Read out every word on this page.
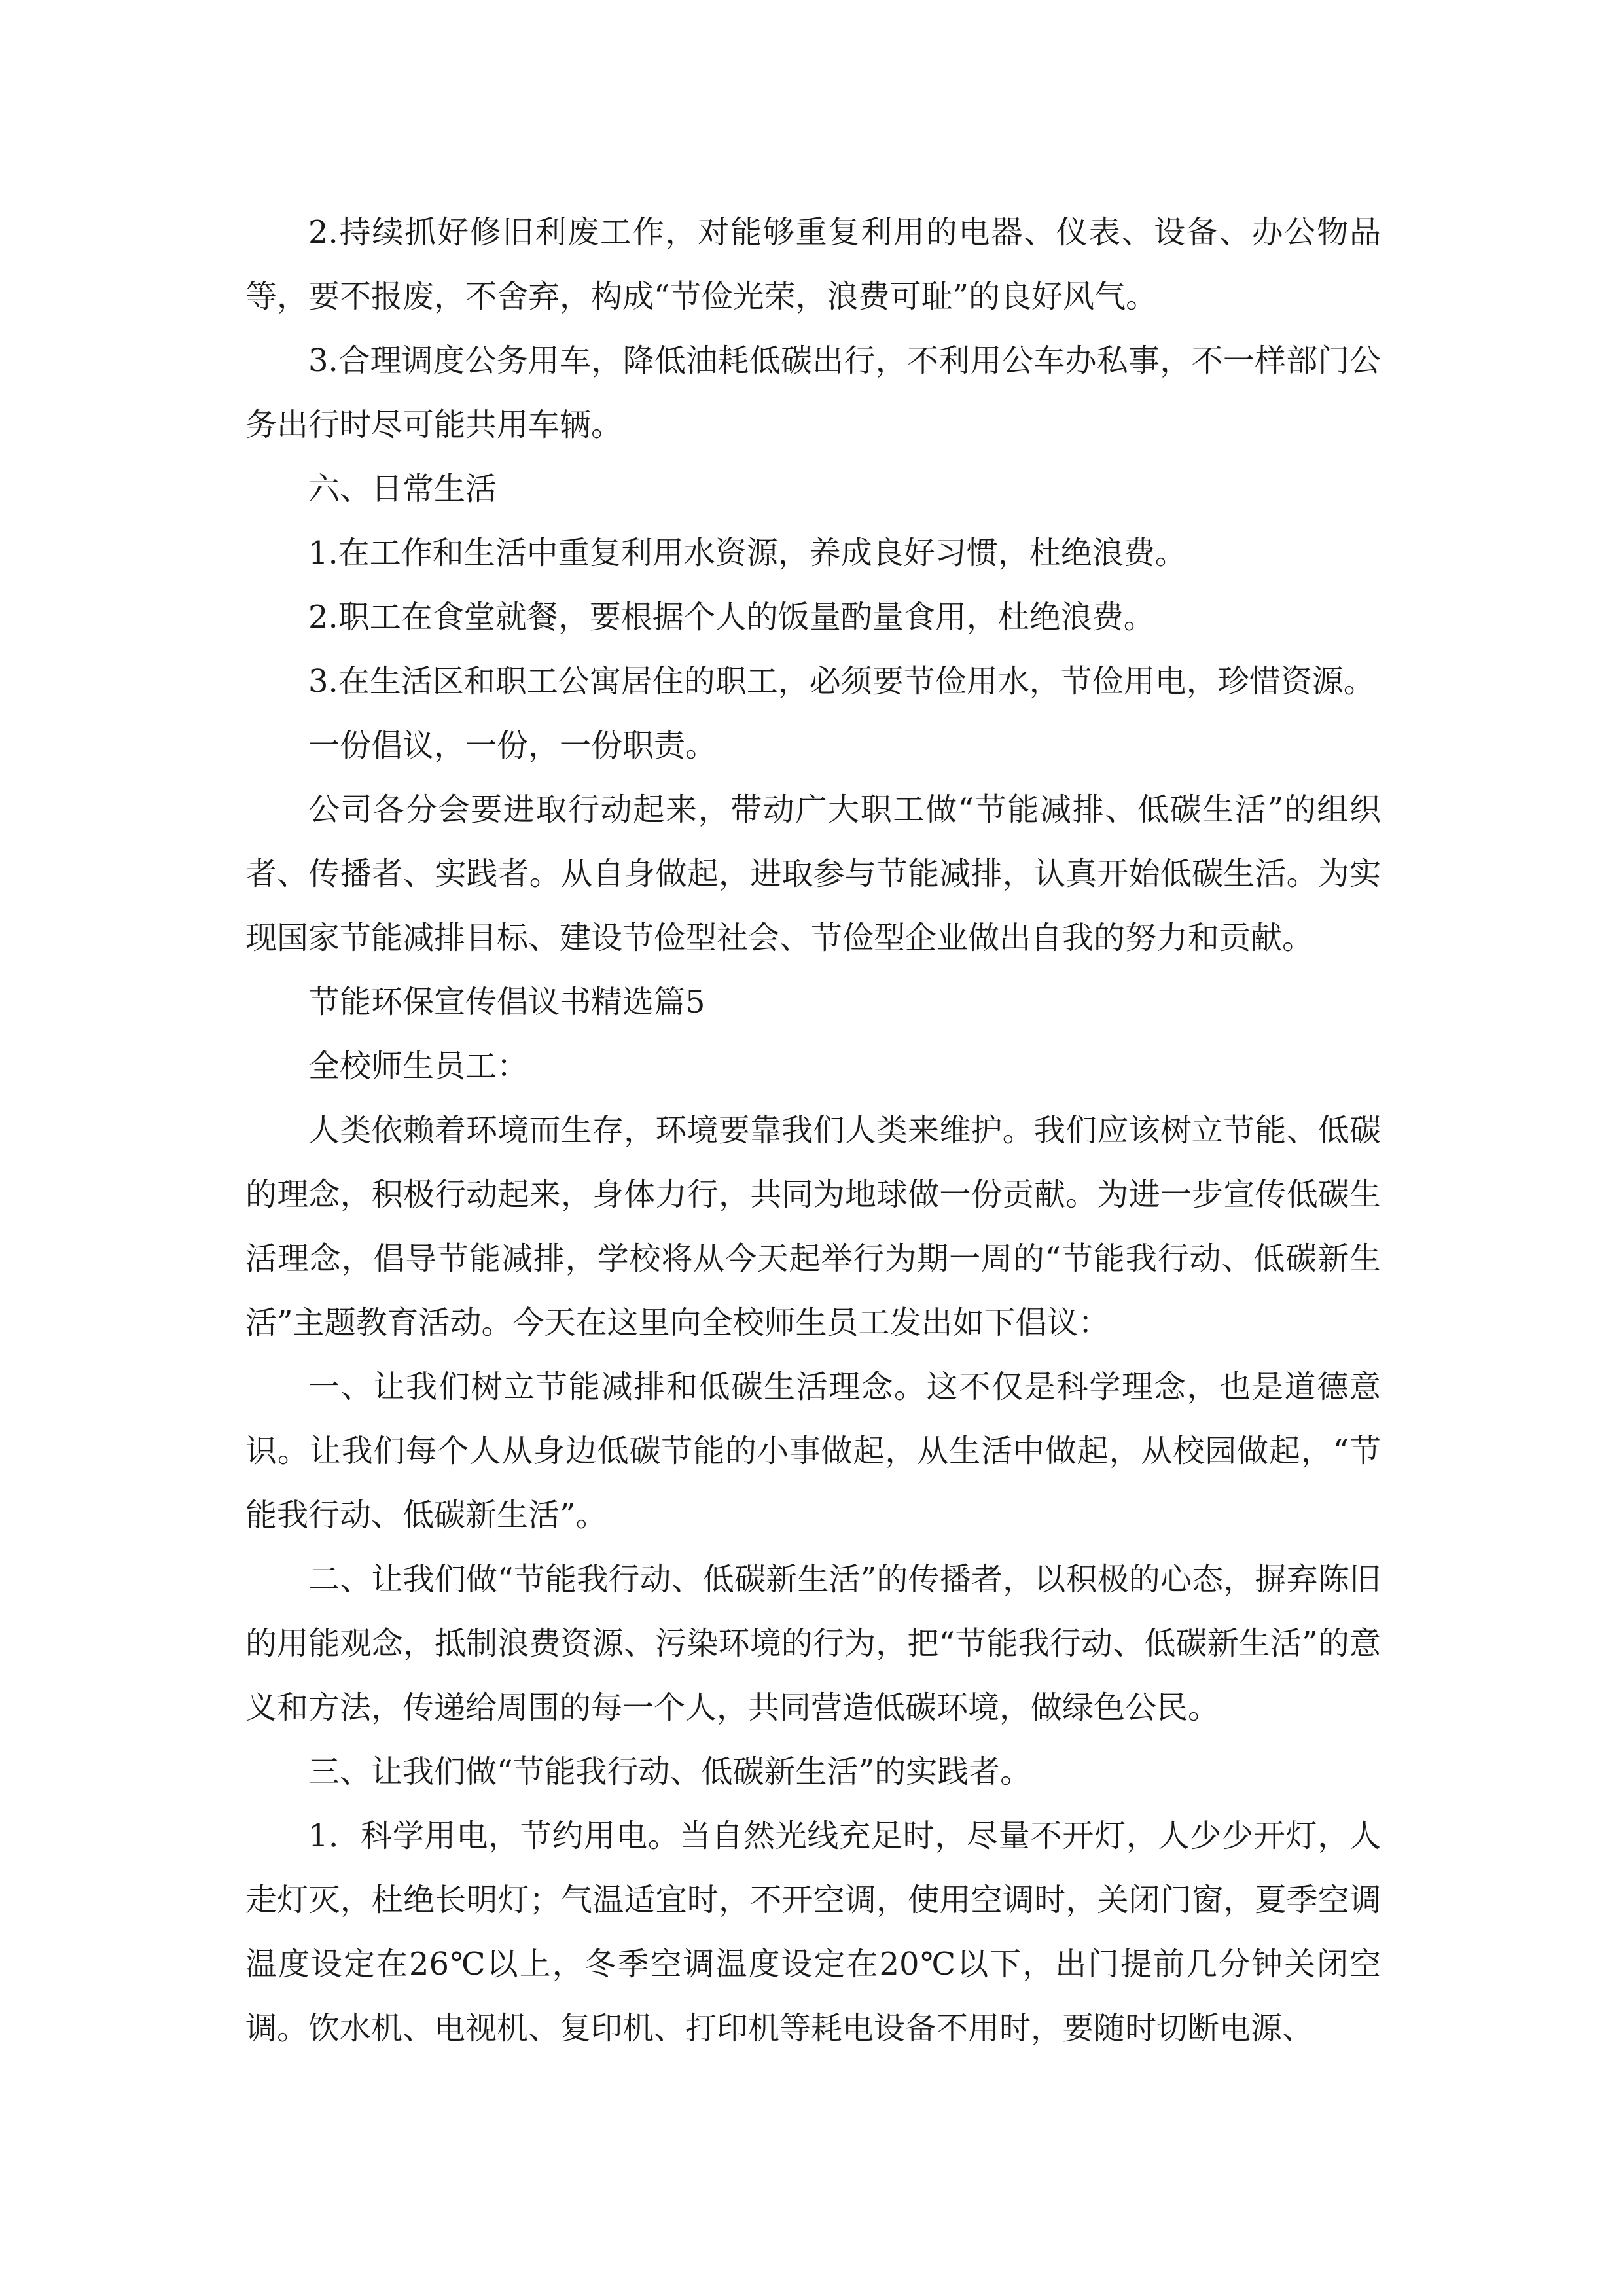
2.持续抓好修旧利废工作，对能够重复利用的电器、仪表、设备、办公物品等，要不报废，不舍弃，构成“节俭光荣，浪费可耻”的良好风气。

3.合理调度公务用车，降低油耗低碳出行，不利用公车办私事，不一样部门公务出行时尽可能共用车辆。

六、日常生活

1.在工作和生活中重复利用水资源，养成良好习惯，杜绝浪费。

2.职工在食堂就餐，要根据个人的饭量酌量食用，杜绝浪费。

3.在生活区和职工公寓居住的职工，必须要节俭用水，节俭用电，珍惜资源。

一份倡议，一份，一份职责。

公司各分会要进取行动起来，带动广大职工做“节能减排、低碳生活”的组织者、传播者、实践者。从自身做起，进取参与节能减排，认真开始低碳生活。为实现国家节能减排目标、建设节俭型社会、节俭型企业做出自我的努力和贡献。

节能环保宣传倡议书精选篇5

全校师生员工：

人类依赖着环境而生存，环境要靠我们人类来维护。我们应该树立节能、低碳的理念，积极行动起来，身体力行，共同为地球做一份贡献。为进一步宣传低碳生活理念，倡导节能减排，学校将从今天起举行为期一周的“节能我行动、低碳新生活”主题教育活动。今天在这里向全校师生员工发出如下倡议：

一、让我们树立节能减排和低碳生活理念。这不仅是科学理念，也是道德意识。让我们每个人从身边低碳节能的小事做起，从生活中做起，从校园做起，“节能我行动、低碳新生活”。

二、让我们做“节能我行动、低碳新生活”的传播者，以积极的心态，摒弃陈旧的用能观念，抵制浪费资源、污染环境的行为，把“节能我行动、低碳新生活”的意义和方法，传递给周围的每一个人，共同营造低碳环境，做绿色公民。

三、让我们做“节能我行动、低碳新生活”的实践者。

1．科学用电，节约用电。当自然光线充足时，尽量不开灯，人少少开灯，人走灯灭，杜绝长明灯；气温适宜时，不开空调，使用空调时，关闭门窗，夏季空调温度设定在26℃以上，冬季空调温度设定在20℃以下，出门提前几分钟关闭空调。饮水机、电视机、复印机、打印机等耗电设备不用时，要随时切断电源、
